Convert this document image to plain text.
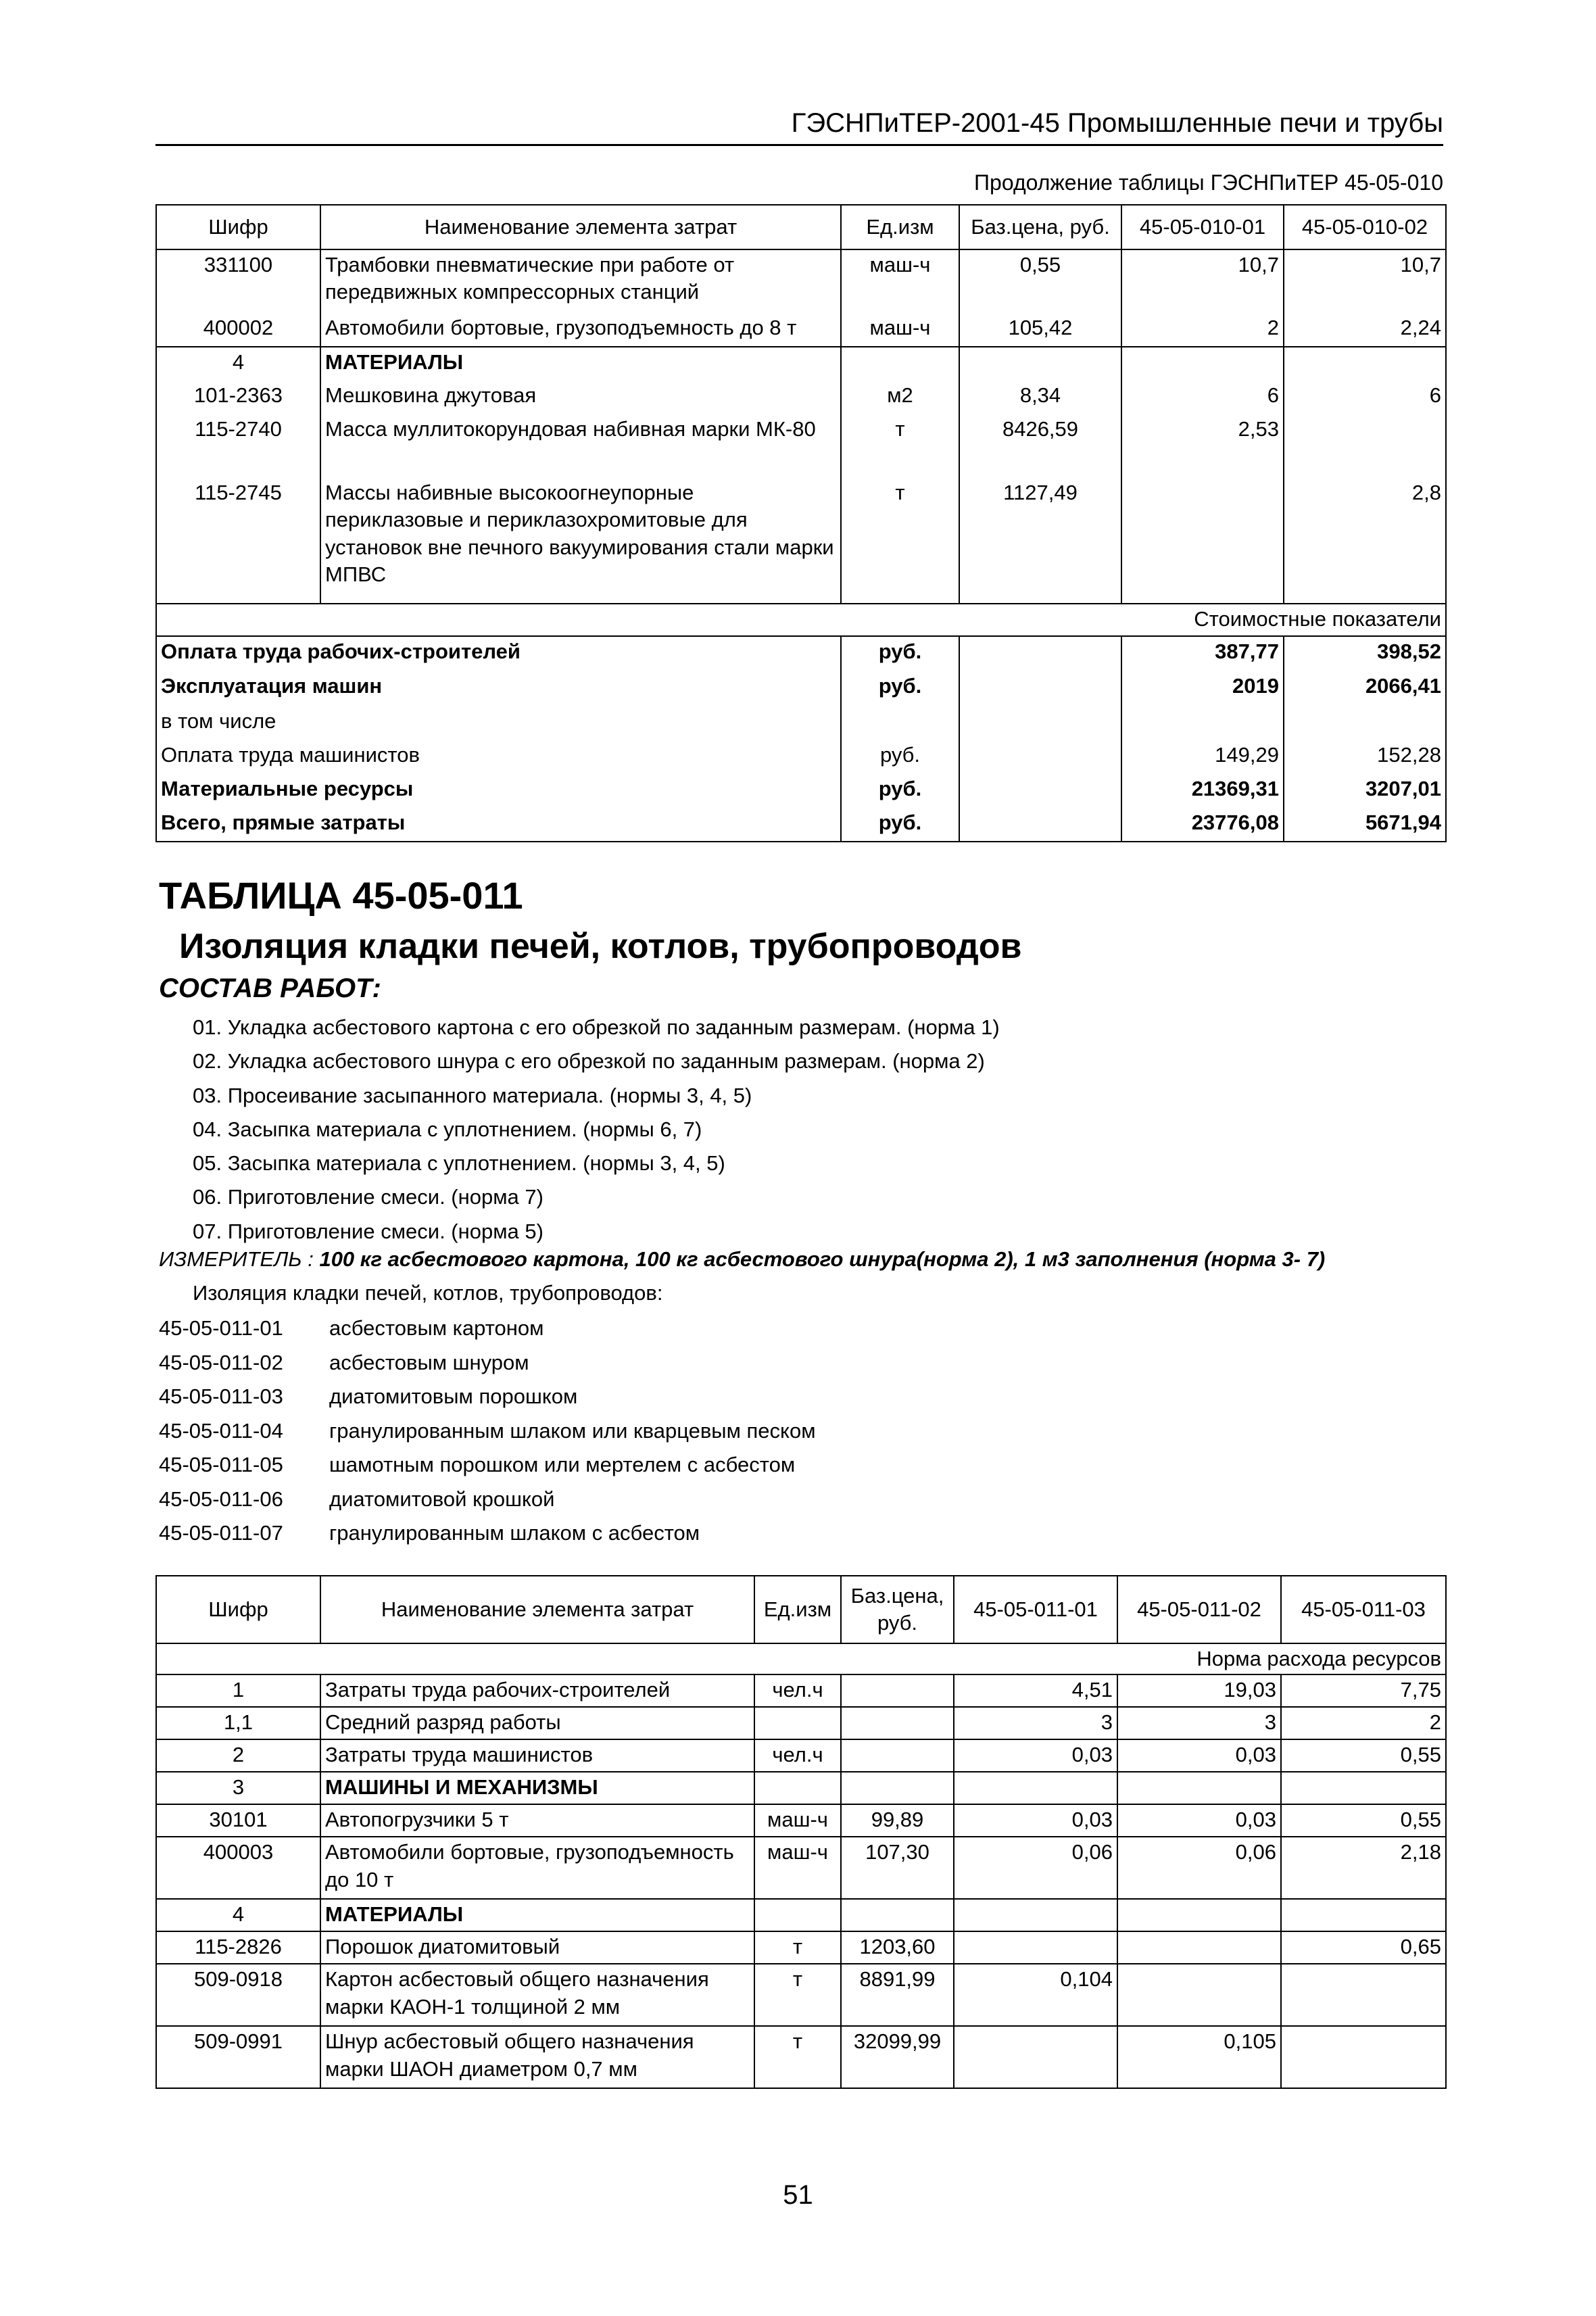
ГЭСНПиТЕР-2001-45 Промышленные печи и трубы
Продолжение таблицы ГЭСНПиТЕР 45-05-010
Шифр	Наименование элемента затрат	Ед.изм	Баз.цена, руб.	45-05-010-01	45-05-010-02
331100	Трамбовки пневматические при работе от передвижных компрессорных станций	маш-ч	0,55	10,7	10,7
400002	Автомобили бортовые, грузоподъемность до 8 т	маш-ч	105,42	2	2,24
4	МАТЕРИАЛЫ				
101-2363	Мешковина джутовая	м2	8,34	6	6
115-2740	Масса муллитокорундовая набивная марки МК-80	т	8426,59	2,53	
115-2745	Массы набивные высокоогнеупорные периклазовые и периклазохромитовые для установок вне печного вакуумирования стали марки МПВС	т	1127,49		2,8
Стоимостные показатели					
Оплата труда рабочих-строителей		руб.		387,77	398,52
Эксплуатация машин		руб.		2019	2066,41
в том числе					
Оплата труда машинистов		руб.		149,29	152,28
Материальные ресурсы		руб.		21369,31	3207,01
Всего, прямые затраты		руб.		23776,08	5671,94
ТАБЛИЦА 45-05-011
Изоляция кладки печей, котлов, трубопроводов
СОСТАВ РАБОТ:
01. Укладка асбестового картона с его обрезкой по заданным размерам. (норма 1)
02. Укладка асбестового шнура с его обрезкой по заданным размерам. (норма 2)
03. Просеивание засыпанного материала. (нормы 3, 4, 5)
04. Засыпка материала с уплотнением. (нормы 6, 7)
05. Засыпка материала с уплотнением. (нормы 3, 4, 5)
06. Приготовление смеси. (норма 7)
07. Приготовление смеси. (норма 5)
ИЗМЕРИТЕЛЬ : 100 кг асбестового картона, 100 кг асбестового шнура(норма 2), 1 м3 заполнения (норма 3- 7)
Изоляция кладки печей, котлов, трубопроводов:
45-05-011-01 асбестовым картоном
45-05-011-02 асбестовым шнуром
45-05-011-03 диатомитовым порошком
45-05-011-04 гранулированным шлаком или кварцевым песком
45-05-011-05 шамотным порошком или мертелем с асбестом
45-05-011-06 диатомитовой крошкой
45-05-011-07 гранулированным шлаком с асбестом
Шифр	Наименование элемента затрат	Ед.изм	Баз.цена, руб.	45-05-011-01	45-05-011-02	45-05-011-03
Норма расхода ресурсов						
1	Затраты труда рабочих-строителей	чел.ч		4,51	19,03	7,75
1,1	Средний разряд работы			3	3	2
2	Затраты труда машинистов	чел.ч		0,03	0,03	0,55
3	МАШИНЫ И МЕХАНИЗМЫ					
30101	Автопогрузчики 5 т	маш-ч	99,89	0,03	0,03	0,55
400003	Автомобили бортовые, грузоподъемность до 10 т	маш-ч	107,30	0,06	0,06	2,18
4	МАТЕРИАЛЫ					
115-2826	Порошок диатомитовый	т	1203,60			0,65
509-0918	Картон асбестовый общего назначения марки КАОН-1 толщиной 2 мм	т	8891,99	0,104		
509-0991	Шнур асбестовый общего назначения марки ШАОН диаметром 0,7 мм	т	32099,99		0,105	
51
